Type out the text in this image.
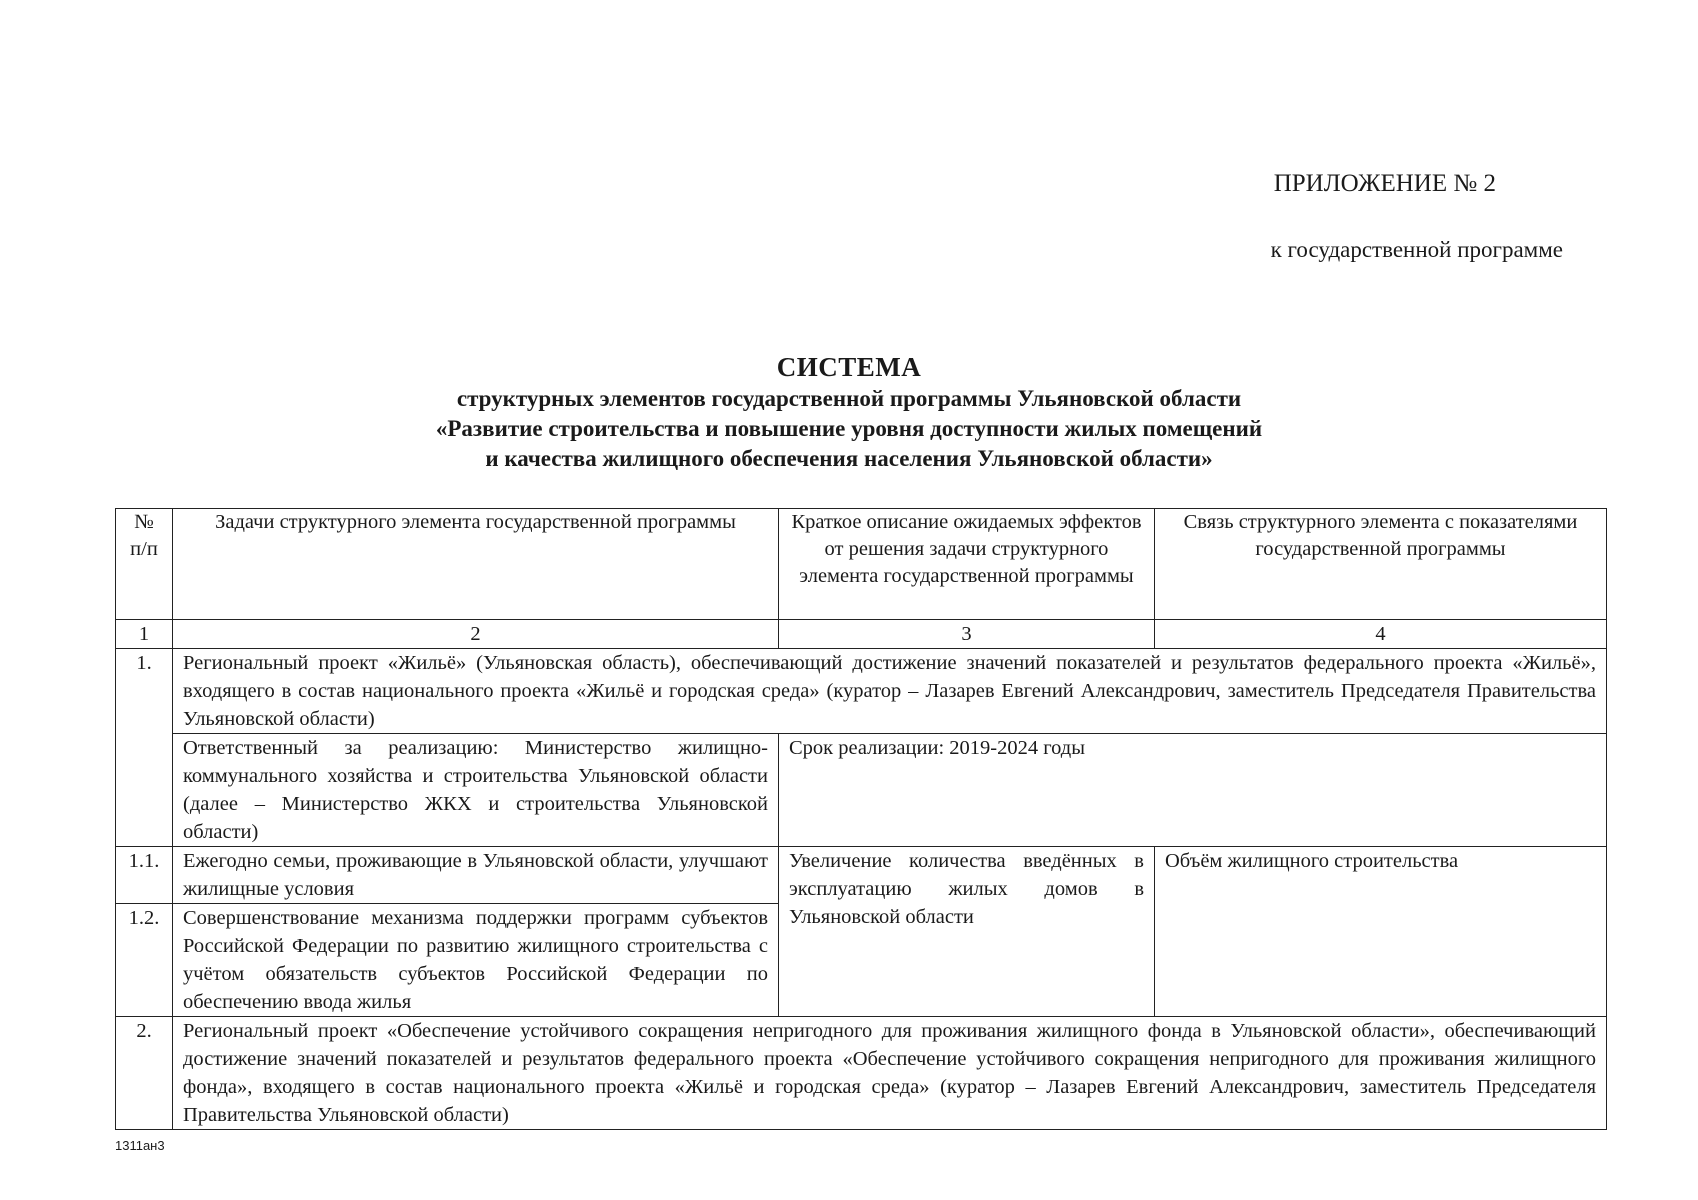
ПРИЛОЖЕНИЕ № 2
к государственной программе
СИСТЕМА
структурных элементов государственной программы Ульяновской области
«Развитие строительства и повышение уровня доступности жилых помещений
и качества жилищного обеспечения населения Ульяновской области»
№ п/п	Задачи структурного элемента государственной программы	Краткое описание ожидаемых эффектов от решения задачи структурного элемента государственной программы	Связь структурного элемента с показателями государственной программы
1	2	3	4
1.	Региональный проект «Жильё» (Ульяновская область), обеспечивающий достижение значений показателей и результатов федерального проекта «Жильё», входящего в состав национального проекта «Жильё и городская среда» (куратор – Лазарев Евгений Александрович, заместитель Председателя Правительства Ульяновской области)		
	Ответственный за реализацию: Министерство жилищно-коммунального хозяйства и строительства Ульяновской области (далее – Министерство ЖКХ и строительства Ульяновской области)	Срок реализации: 2019-2024 годы	
1.1.	Ежегодно семьи, проживающие в Ульяновской области, улучшают жилищные условия	Увеличение количества введённых в эксплуатацию жилых домов в Ульяновской области	Объём жилищного строительства
1.2.	Совершенствование механизма поддержки программ субъектов Российской Федерации по развитию жилищного строительства с учётом обязательств субъектов Российской Федерации по обеспечению ввода жилья		
2.	Региональный проект «Обеспечение устойчивого сокращения непригодного для проживания жилищного фонда в Ульяновской области», обеспечивающий достижение значений показателей и результатов федерального проекта «Обеспечение устойчивого сокращения непригодного для проживания жилищного фонда», входящего в состав национального проекта «Жильё и городская среда» (куратор – Лазарев Евгений Александрович, заместитель Председателя Правительства Ульяновской области)		
1311ан3
